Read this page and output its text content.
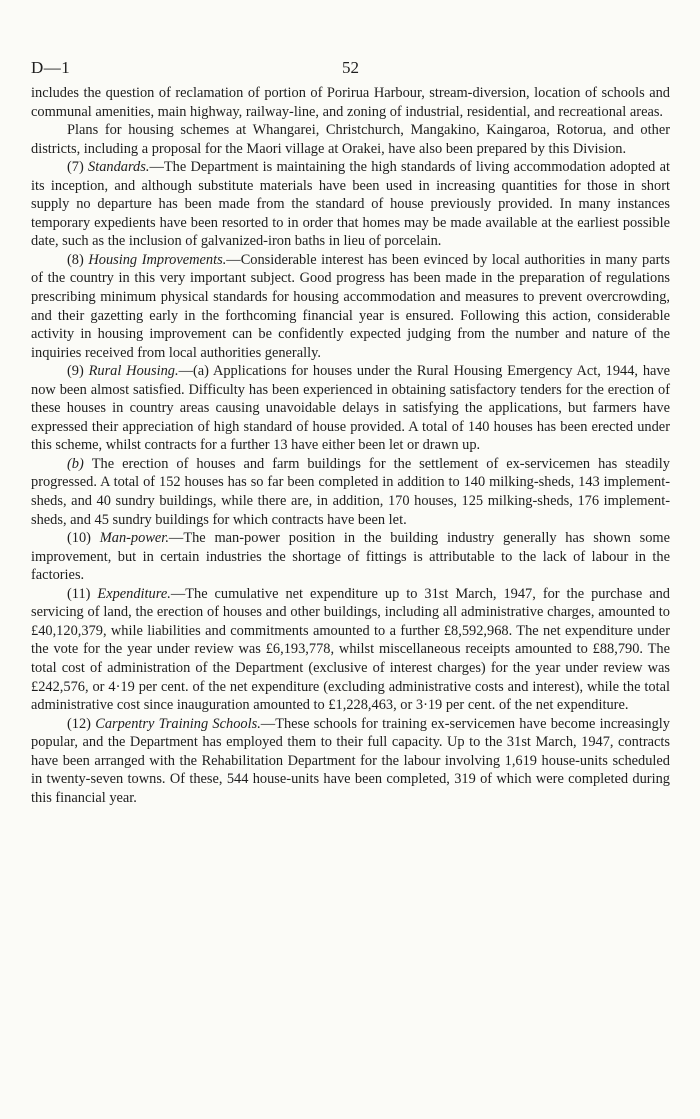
D—1	52

includes the question of reclamation of portion of Porirua Harbour, stream-diversion, location of schools and communal amenities, main highway, railway-line, and zoning of industrial, residential, and recreational areas.

Plans for housing schemes at Whangarei, Christchurch, Mangakino, Kaingaroa, Rotorua, and other districts, including a proposal for the Maori village at Orakei, have also been prepared by this Division.

(7) Standards.—The Department is maintaining the high standards of living accommodation adopted at its inception, and although substitute materials have been used in increasing quantities for those in short supply no departure has been made from the standard of house previously provided. In many instances temporary expedients have been resorted to in order that homes may be made available at the earliest possible date, such as the inclusion of galvanized-iron baths in lieu of porcelain.

(8) Housing Improvements.—Considerable interest has been evinced by local authorities in many parts of the country in this very important subject. Good progress has been made in the preparation of regulations prescribing minimum physical standards for housing accommodation and measures to prevent overcrowding, and their gazetting early in the forthcoming financial year is ensured. Following this action, considerable activity in housing improvement can be confidently expected judging from the number and nature of the inquiries received from local authorities generally.

(9) Rural Housing.—(a) Applications for houses under the Rural Housing Emergency Act, 1944, have now been almost satisfied. Difficulty has been experienced in obtaining satisfactory tenders for the erection of these houses in country areas causing unavoidable delays in satisfying the applications, but farmers have expressed their appreciation of high standard of house provided. A total of 140 houses has been erected under this scheme, whilst contracts for a further 13 have either been let or drawn up.

(b) The erection of houses and farm buildings for the settlement of ex-servicemen has steadily progressed. A total of 152 houses has so far been completed in addition to 140 milking-sheds, 143 implement-sheds, and 40 sundry buildings, while there are, in addition, 170 houses, 125 milking-sheds, 176 implement-sheds, and 45 sundry buildings for which contracts have been let.

(10) Man-power.—The man-power position in the building industry generally has shown some improvement, but in certain industries the shortage of fittings is attributable to the lack of labour in the factories.

(11) Expenditure.—The cumulative net expenditure up to 31st March, 1947, for the purchase and servicing of land, the erection of houses and other buildings, including all administrative charges, amounted to £40,120,379, while liabilities and commitments amounted to a further £8,592,968. The net expenditure under the vote for the year under review was £6,193,778, whilst miscellaneous receipts amounted to £88,790. The total cost of administration of the Department (exclusive of interest charges) for the year under review was £242,576, or 4·19 per cent. of the net expenditure (excluding administrative costs and interest), while the total administrative cost since inauguration amounted to £1,228,463, or 3·19 per cent. of the net expenditure.

(12) Carpentry Training Schools.—These schools for training ex-servicemen have become increasingly popular, and the Department has employed them to their full capacity. Up to the 31st March, 1947, contracts have been arranged with the Rehabilitation Department for the labour involving 1,619 house-units scheduled in twenty-seven towns. Of these, 544 house-units have been completed, 319 of which were completed during this financial year.
